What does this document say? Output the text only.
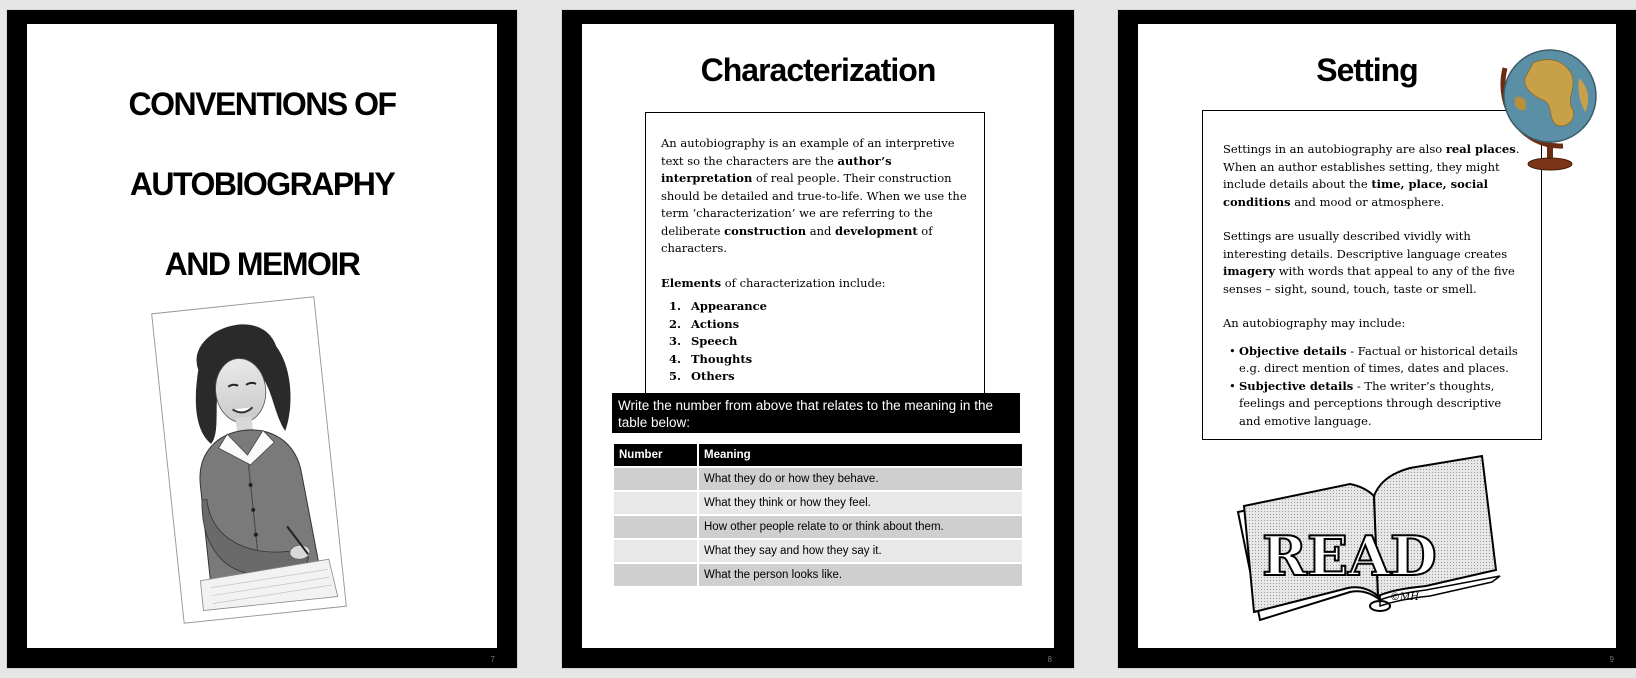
CONVENTIONS OF
AUTOBIOGRAPHY
AND MEMOIR
7
Characterization

An autobiography is an example of an interpretive text so the characters are the author’s interpretation of real people. Their construction should be detailed and true-to-life. When we use the term ‘characterization’ we are referring to the deliberate construction and development of characters.

Elements of characterization include:

1. Appearance
2. Actions
3. Speech
4. Thoughts
5. Others
Write the number from above that relates to the meaning in the table below:
Number	Meaning
	What they do or how they behave.
	What they think or how they feel.
	How other people relate to or think about them.
	What they say and how they say it.
	What the person looks like.
8
Setting

Settings in an autobiography are also real places. When an author establishes setting, they might include details about the time, place, social conditions and mood or atmosphere.

Settings are usually described vividly with interesting details. Descriptive language creates imagery with words that appeal to any of the five senses – sight, sound, touch, taste or smell.

An autobiography may include:

• Objective details - Factual or historical details e.g. direct mention of times, dates and places.
• Subjective details - The writer’s thoughts, feelings and perceptions through descriptive and emotive language.
READ
©MH
9
